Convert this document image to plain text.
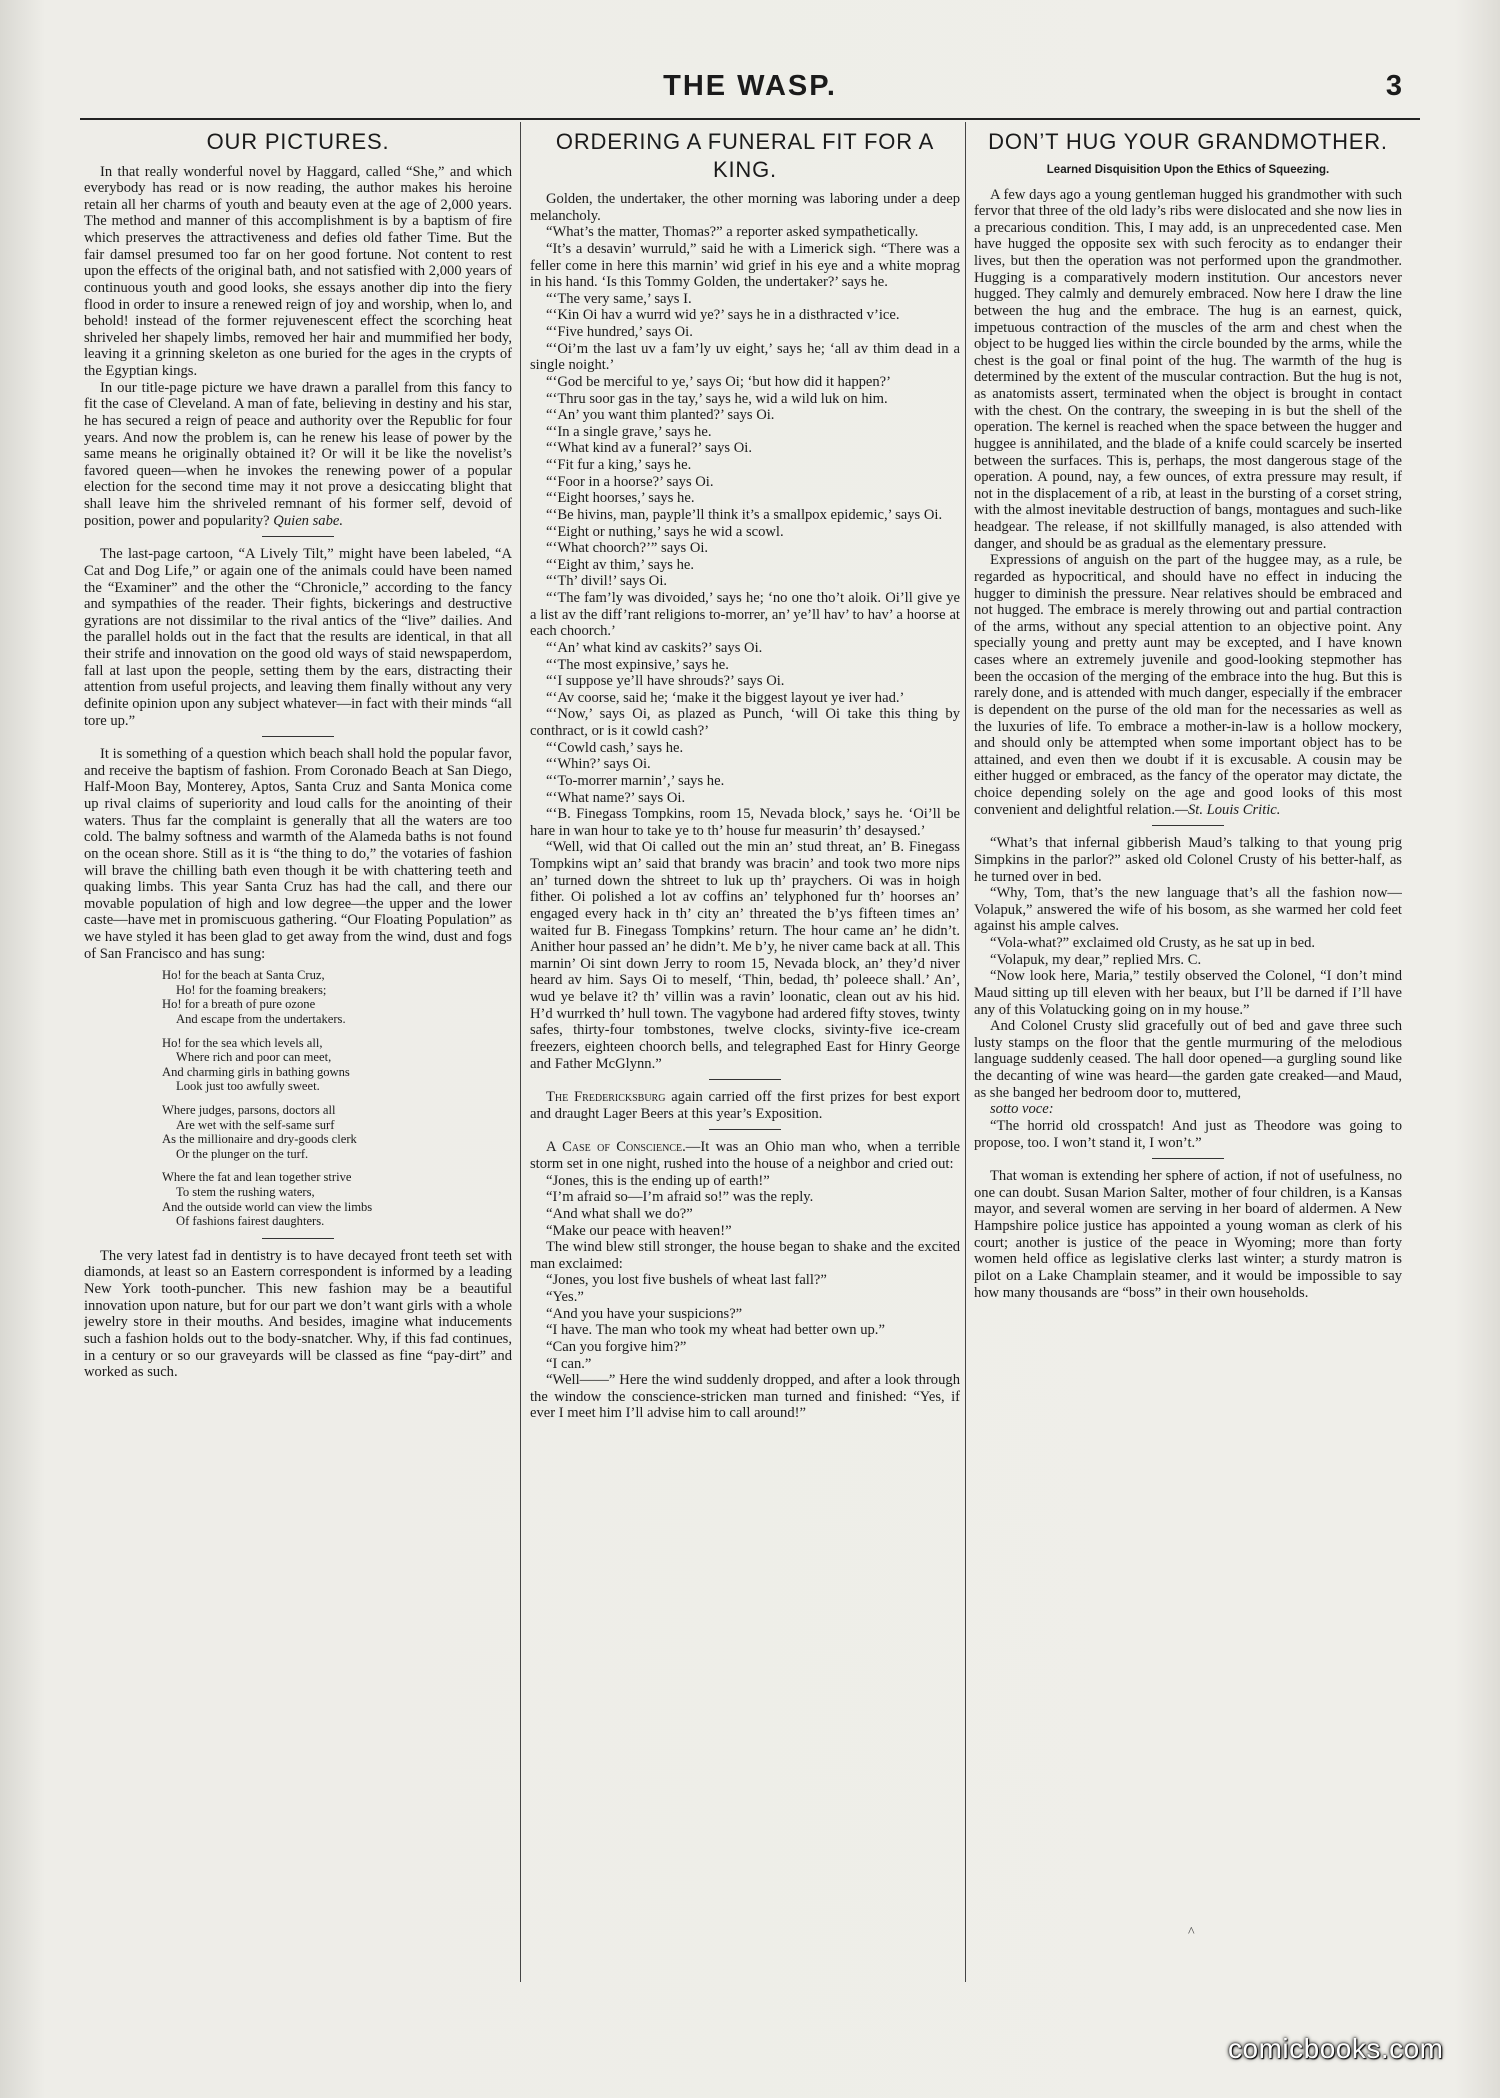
THE WASP.	3
OUR PICTURES.

In that really wonderful novel by Haggard, called “She,” and which everybody has read or is now reading, the author makes his heroine retain all her charms of youth and beauty even at the age of 2,000 years. The method and manner of this accomplishment is by a baptism of fire which preserves the attractiveness and defies old father Time. But the fair damsel presumed too far on her good fortune. Not content to rest upon the effects of the original bath, and not satisfied with 2,000 years of continuous youth and good looks, she essays another dip into the fiery flood in order to insure a renewed reign of joy and worship, when lo, and behold! instead of the former rejuvenescent effect the scorching heat shriveled her shapely limbs, removed her hair and mummified her body, leaving it a grinning skeleton as one buried for the ages in the crypts of the Egyptian kings.

In our title-page picture we have drawn a parallel from this fancy to fit the case of Cleveland. A man of fate, believing in destiny and his star, he has secured a reign of peace and authority over the Republic for four years. And now the problem is, can he renew his lease of power by the same means he originally obtained it? Or will it be like the novelist’s favored queen—when he invokes the renewing power of a popular election for the second time may it not prove a desiccating blight that shall leave him the shriveled remnant of his former self, devoid of position, power and popularity? Quien sabe.

The last-page cartoon, “A Lively Tilt,” might have been labeled, “A Cat and Dog Life,” or again one of the animals could have been named the “Examiner” and the other the “Chronicle,” according to the fancy and sympathies of the reader. Their fights, bickerings and destructive gyrations are not dissimilar to the rival antics of the “live” dailies. And the parallel holds out in the fact that the results are identical, in that all their strife and innovation on the good old ways of staid newspaperdom, fall at last upon the people, setting them by the ears, distracting their attention from useful projects, and leaving them finally without any very definite opinion upon any subject whatever—in fact with their minds “all tore up.”

It is something of a question which beach shall hold the popular favor, and receive the baptism of fashion. From Coronado Beach at San Diego, Half-Moon Bay, Monterey, Aptos, Santa Cruz and Santa Monica come up rival claims of superiority and loud calls for the anointing of their waters. Thus far the complaint is generally that all the waters are too cold. The balmy softness and warmth of the Alameda baths is not found on the ocean shore. Still as it is “the thing to do,” the votaries of fashion will brave the chilling bath even though it be with chattering teeth and quaking limbs. This year Santa Cruz has had the call, and there our movable population of high and low degree—the upper and the lower caste—have met in promiscuous gathering. “Our Floating Population” as we have styled it has been glad to get away from the wind, dust and fogs of San Francisco and has sung:

Ho! for the beach at Santa Cruz,
Ho! for the foaming breakers;
Ho! for a breath of pure ozone
And escape from the undertakers.
Ho! for the sea which levels all,
Where rich and poor can meet,
And charming girls in bathing gowns
Look just too awfully sweet.
Where judges, parsons, doctors all
Are wet with the self-same surf
As the millionaire and dry-goods clerk
Or the plunger on the turf.
Where the fat and lean together strive
To stem the rushing waters,
And the outside world can view the limbs
Of fashions fairest daughters.

The very latest fad in dentistry is to have decayed front teeth set with diamonds, at least so an Eastern correspondent is informed by a leading New York tooth-puncher. This new fashion may be a beautiful innovation upon nature, but for our part we don’t want girls with a whole jewelry store in their mouths. And besides, imagine what inducements such a fashion holds out to the body-snatcher. Why, if this fad continues, in a century or so our graveyards will be classed as fine “pay-dirt” and worked as such.

ORDERING A FUNERAL FIT FOR A KING.

Golden, the undertaker, the other morning was laboring under a deep melancholy.

“What’s the matter, Thomas?” a reporter asked sympathetically.

“It’s a desavin’ wurruld,” said he with a Limerick sigh. “There was a feller come in here this marnin’ wid grief in his eye and a white moprag in his hand. ‘Is this Tommy Golden, the undertaker?’ says he.

“‘The very same,’ says I.

“‘Kin Oi hav a wurrd wid ye?’ says he in a disthracted v’ice.

“‘Five hundred,’ says Oi.

“‘Oi’m the last uv a fam’ly uv eight,’ says he; ‘all av thim dead in a single noight.’

“‘God be merciful to ye,’ says Oi; ‘but how did it happen?’

“‘Thru soor gas in the tay,’ says he, wid a wild luk on him.

“‘An’ you want thim planted?’ says Oi.

“‘In a single grave,’ says he.

“‘What kind av a funeral?’ says Oi.

“‘Fit fur a king,’ says he.

“‘Foor in a hoorse?’ says Oi.

“‘Eight hoorses,’ says he.

“‘Be hivins, man, payple’ll think it’s a smallpox epidemic,’ says Oi.

“‘Eight or nuthing,’ says he wid a scowl.

“‘What choorch?’” says Oi.

“‘Eight av thim,’ says he.

“‘Th’ divil!’ says Oi.

“‘The fam’ly was divoided,’ says he; ‘no one tho’t aloik. Oi’ll give ye a list av the diff’rant religions to-morrer, an’ ye’ll hav’ to hav’ a hoorse at each choorch.’

“‘An’ what kind av caskits?’ says Oi.

“‘The most expinsive,’ says he.

“‘I suppose ye’ll have shrouds?’ says Oi.

“‘Av coorse, said he; ‘make it the biggest layout ye iver had.’

“‘Now,’ says Oi, as plazed as Punch, ‘will Oi take this thing by conthract, or is it cowld cash?’

“‘Cowld cash,’ says he.

“‘Whin?’ says Oi.

“‘To-morrer marnin’,’ says he.

“‘What name?’ says Oi.

“‘B. Finegass Tompkins, room 15, Nevada block,’ says he. ‘Oi’ll be hare in wan hour to take ye to th’ house fur measurin’ th’ desaysed.’

“Well, wid that Oi called out the min an’ stud threat, an’ B. Finegass Tompkins wipt an’ said that brandy was bracin’ and took two more nips an’ turned down the shtreet to luk up th’ praychers. Oi was in hoigh fither. Oi polished a lot av coffins an’ telyphoned fur th’ hoorses an’ engaged every hack in th’ city an’ threated the b’ys fifteen times an’ waited fur B. Finegass Tompkins’ return. The hour came an’ he didn’t. Anither hour passed an’ he didn’t. Me b’y, he niver came back at all. This marnin’ Oi sint down Jerry to room 15, Nevada block, an’ they’d niver heard av him. Says Oi to meself, ‘Thin, bedad, th’ poleece shall.’ An’, wud ye belave it? th’ villin was a ravin’ loonatic, clean out av his hid. H’d wurrked th’ hull town. The vagybone had ardered fifty stoves, twinty safes, thirty-four tombstones, twelve clocks, sivinty-five ice-cream freezers, eighteen choorch bells, and telegraphed East for Hinry George and Father McGlynn.”

The Fredericksburg again carried off the first prizes for best export and draught Lager Beers at this year’s Exposition.

A Case of Conscience.—It was an Ohio man who, when a terrible storm set in one night, rushed into the house of a neighbor and cried out:

“Jones, this is the ending up of earth!”

“I’m afraid so—I’m afraid so!” was the reply.

“And what shall we do?”

“Make our peace with heaven!”

The wind blew still stronger, the house began to shake and the excited man exclaimed:

“Jones, you lost five bushels of wheat last fall?”

“Yes.”

“And you have your suspicions?”

“I have. The man who took my wheat had better own up.”

“Can you forgive him?”

“I can.”

“Well——” Here the wind suddenly dropped, and after a look through the window the conscience-stricken man turned and finished: “Yes, if ever I meet him I’ll advise him to call around!”

DON’T HUG YOUR GRANDMOTHER.
Learned Disquisition Upon the Ethics of Squeezing.

A few days ago a young gentleman hugged his grandmother with such fervor that three of the old lady’s ribs were dislocated and she now lies in a precarious condition. This, I may add, is an unprecedented case. Men have hugged the opposite sex with such ferocity as to endanger their lives, but then the operation was not performed upon the grandmother. Hugging is a comparatively modern institution. Our ancestors never hugged. They calmly and demurely embraced. Now here I draw the line between the hug and the embrace. The hug is an earnest, quick, impetuous contraction of the muscles of the arm and chest when the object to be hugged lies within the circle bounded by the arms, while the chest is the goal or final point of the hug. The warmth of the hug is determined by the extent of the muscular contraction. But the hug is not, as anatomists assert, terminated when the object is brought in contact with the chest. On the contrary, the sweeping in is but the shell of the operation. The kernel is reached when the space between the hugger and huggee is annihilated, and the blade of a knife could scarcely be inserted between the surfaces. This is, perhaps, the most dangerous stage of the operation. A pound, nay, a few ounces, of extra pressure may result, if not in the displacement of a rib, at least in the bursting of a corset string, with the almost inevitable destruction of bangs, montagues and such-like headgear. The release, if not skillfully managed, is also attended with danger, and should be as gradual as the elementary pressure.

Expressions of anguish on the part of the huggee may, as a rule, be regarded as hypocritical, and should have no effect in inducing the hugger to diminish the pressure. Near relatives should be embraced and not hugged. The embrace is merely throwing out and partial contraction of the arms, without any special attention to an objective point. Any specially young and pretty aunt may be excepted, and I have known cases where an extremely juvenile and good-looking stepmother has been the occasion of the merging of the embrace into the hug. But this is rarely done, and is attended with much danger, especially if the embracer is dependent on the purse of the old man for the necessaries as well as the luxuries of life. To embrace a mother-in-law is a hollow mockery, and should only be attempted when some important object has to be attained, and even then we doubt if it is excusable. A cousin may be either hugged or embraced, as the fancy of the operator may dictate, the choice depending solely on the age and good looks of this most convenient and delightful relation.—St. Louis Critic.

“What’s that infernal gibberish Maud’s talking to that young prig Simpkins in the parlor?” asked old Colonel Crusty of his better-half, as he turned over in bed.

“Why, Tom, that’s the new language that’s all the fashion now—Volapuk,” answered the wife of his bosom, as she warmed her cold feet against his ample calves.

“Vola-what?” exclaimed old Crusty, as he sat up in bed.

“Volapuk, my dear,” replied Mrs. C.

“Now look here, Maria,” testily observed the Colonel, “I don’t mind Maud sitting up till eleven with her beaux, but I’ll be darned if I’ll have any of this Volatucking going on in my house.”

And Colonel Crusty slid gracefully out of bed and gave three such lusty stamps on the floor that the gentle murmuring of the melodious language suddenly ceased. The hall door opened—a gurgling sound like the decanting of wine was heard—the garden gate creaked—and Maud, as she banged her bedroom door to, muttered,

sotto voce:

“The horrid old crosspatch! And just as Theodore was going to propose, too. I won’t stand it, I won’t.”

That woman is extending her sphere of action, if not of usefulness, no one can doubt. Susan Marion Salter, mother of four children, is a Kansas mayor, and several women are serving in her board of aldermen. A New Hampshire police justice has appointed a young woman as clerk of his court; another is justice of the peace in Wyoming; more than forty women held office as legislative clerks last winter; a sturdy matron is pilot on a Lake Champlain steamer, and it would be impossible to say how many thousands are “boss” in their own households.

^
comicbooks.com
